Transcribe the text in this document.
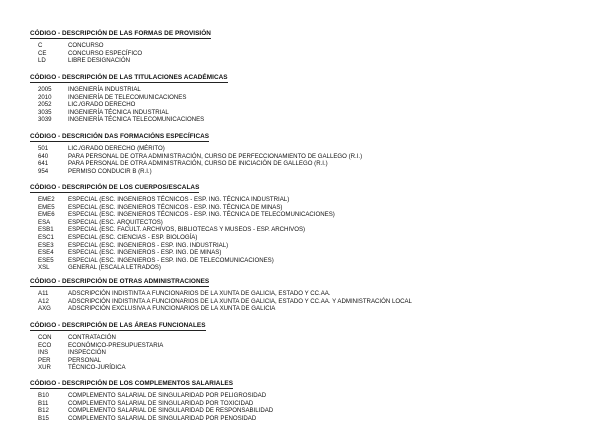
CÓDIGO - DESCRIPCIÓN DE LAS FORMAS DE PROVISIÓN
C	CONCURSO
CE	CONCURSO ESPECÍFICO
LD	LIBRE DESIGNACIÓN
CÓDIGO - DESCRIPCIÓN DE LAS TITULACIONES ACADÉMICAS
2005	INGENIERÍA INDUSTRIAL
2010	INGENIERÍA DE TELECOMUNICACIONES
2052	LIC./GRADO DERECHO
3035	INGENIERÍA TÉCNICA INDUSTRIAL
3039	INGENIERÍA TÉCNICA TELECOMUNICACIONES
CÓDIGO - DESCRICIÓN DAS FORMACIÓNS ESPECÍFICAS
501	LIC./GRADO DERECHO (MÉRITO)
640	PARA PERSONAL DE OTRA ADMINISTRACIÓN, CURSO DE PERFECCIONAMIENTO DE GALLEGO (R.I.)
641	PARA PERSONAL DE OTRA ADMINISTRACIÓN, CURSO DE INICIACIÓN DE GALLEGO (R.I.)
954	PERMISO CONDUCIR B (R.I.)
CÓDIGO - DESCRIPCIÓN DE LOS CUERPOS/ESCALAS
EME2	ESPECIAL (ESC. INGENIEROS TÉCNICOS - ESP. ING. TÉCNICA INDUSTRIAL)
EME5	ESPECIAL (ESC. INGENIEROS TÉCNICOS - ESP. ING. TÉCNICA DE MINAS)
EME6	ESPECIAL (ESC. INGENIEROS TÉCNICOS - ESP. ING. TÉCNICA DE TELECOMUNICACIONES)
ESA	ESPECIAL (ESC. ARQUITECTOS)
ESB1	ESPECIAL (ESC. FACULT. ARCHIVOS, BIBLIOTECAS Y MUSEOS - ESP. ARCHIVOS)
ESC1	ESPECIAL (ESC. CIENCIAS - ESP. BIOLOGÍA)
ESE3	ESPECIAL (ESC. INGENIEROS - ESP. ING. INDUSTRIAL)
ESE4	ESPECIAL (ESC. INGENIEROS - ESP. ING. DE MINAS)
ESE5	ESPECIAL (ESC. INGENIEROS - ESP. ING. DE TELECOMUNICACIONES)
XSL	GENERAL (ESCALA LETRADOS)
CÓDIGO - DESCRIPCIÓN DE OTRAS ADMINISTRACIONES
A11	ADSCRIPCIÓN INDISTINTA A FUNCIONARIOS DE LA XUNTA DE GALICIA, ESTADO Y CC.AA.
A12	ADSCRIPCIÓN INDISTINTA A FUNCIONARIOS DE LA XUNTA DE GALICIA, ESTADO Y CC.AA. Y ADMINISTRACIÓN LOCAL
AXG	ADSCRIPCIÓN EXCLUSIVA A FUNCIONARIOS DE LA XUNTA DE GALICIA
CÓDIGO - DESCRIPCIÓN DE LAS ÁREAS FUNCIONALES
CON	CONTRATACIÓN
ECO	ECONÓMICO-PRESUPUESTARIA
INS	INSPECCIÓN
PER	PERSONAL
XUR	TÉCNICO-JURÍDICA
CÓDIGO - DESCRIPCIÓN DE LOS COMPLEMENTOS SALARIALES
B10	COMPLEMENTO SALARIAL DE SINGULARIDAD POR PELIGROSIDAD
B11	COMPLEMENTO SALARIAL DE SINGULARIDAD POR TOXICIDAD
B12	COMPLEMENTO SALARIAL DE SINGULARIDAD DE RESPONSABILIDAD
B15	COMPLEMENTO SALARIAL DE SINGULARIDAD POR PENOSIDAD
